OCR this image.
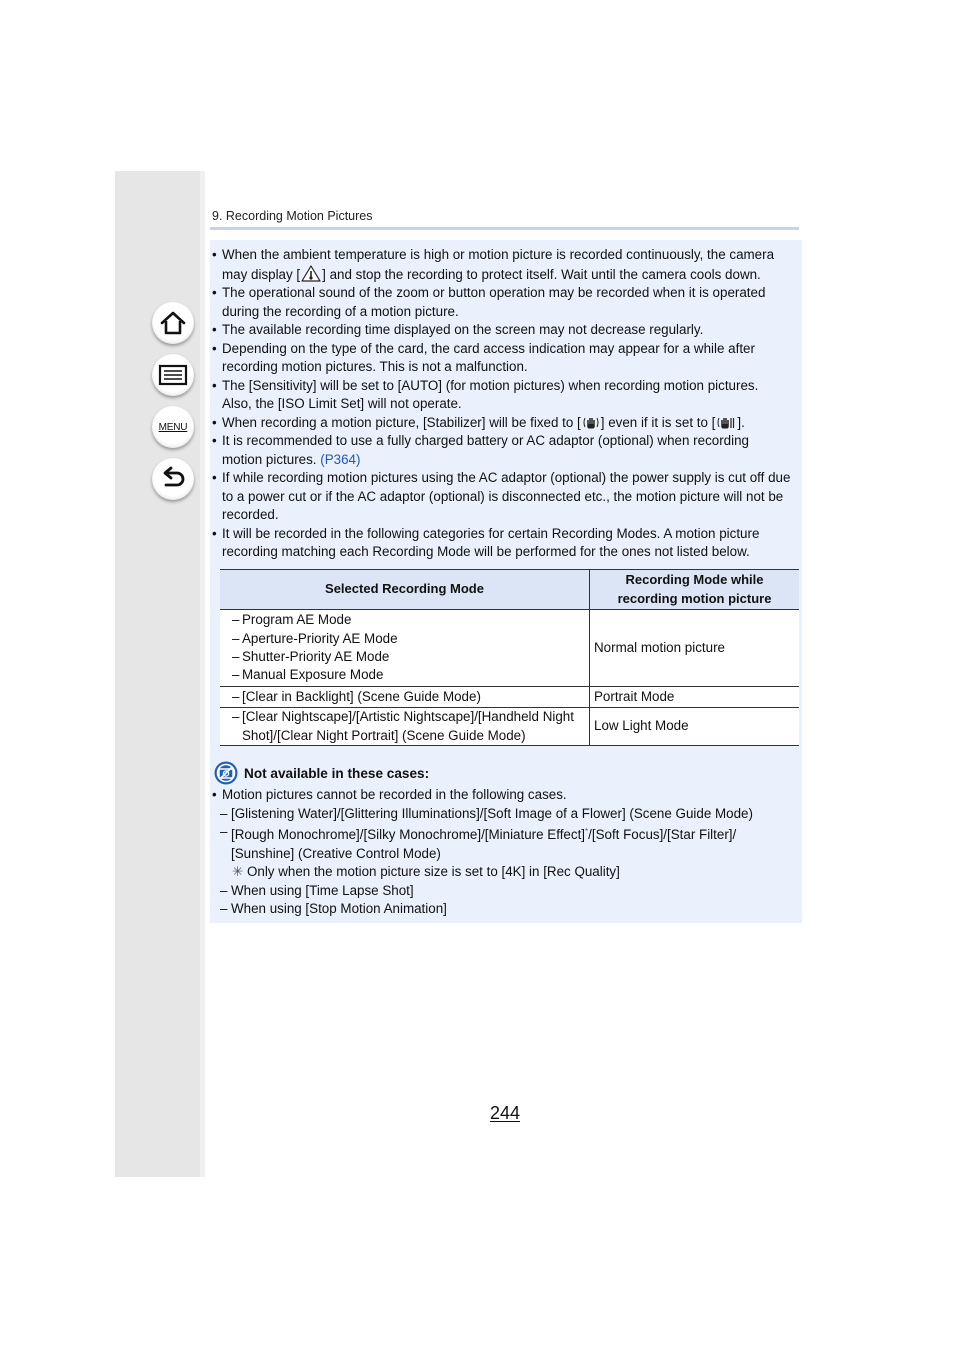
MENU
9. Recording Motion Pictures
• When the ambient temperature is high or motion picture is recorded continuously, the camera
may display [ ] and stop the recording to protect itself. Wait until the camera cools down.
• The operational sound of the zoom or button operation may be recorded when it is operated during the recording of a motion picture.
• The available recording time displayed on the screen may not decrease regularly.
• Depending on the type of the card, the card access indication may appear for a while after recording motion pictures. This is not a malfunction.
• The [Sensitivity] will be set to [AUTO] (for motion pictures) when recording motion pictures.
Also, the [ISO Limit Set] will not operate.
• When recording a motion picture, [Stabilizer] will be fixed to [ ] even if it is set to [ ].
• It is recommended to use a fully charged battery or AC adaptor (optional) when recording
motion pictures. (P364)
• If while recording motion pictures using the AC adaptor (optional) the power supply is cut off due to a power cut or if the AC adaptor (optional) is disconnected etc., the motion picture will not be recorded.
• It will be recorded in the following categories for certain Recording Modes. A motion picture recording matching each Recording Mode will be performed for the ones not listed below.
Selected Recording Mode	Recording Mode while
recording motion picture

– Program AE Mode
– Aperture-Priority AE Mode
– Shutter-Priority AE Mode
– Manual Exposure Mode	Normal motion picture

– [Clear in Backlight] (Scene Guide Mode)	Portrait Mode

– [Clear Nightscape]/[Artistic Nightscape]/[Handheld Night Shot]/[Clear Night Portrait] (Scene Guide Mode)	Low Light Mode
Not available in these cases:
• Motion pictures cannot be recorded in the following cases.
– [Glistening Water]/[Glittering Illuminations]/[Soft Image of a Flower] (Scene Guide Mode)
– [Rough Monochrome]/[Silky Monochrome]/[Miniature Effect]*/[Soft Focus]/[Star Filter]/ [Sunshine] (Creative Control Mode)
✳ Only when the motion picture size is set to [4K] in [Rec Quality]
– When using [Time Lapse Shot]
– When using [Stop Motion Animation]
244
